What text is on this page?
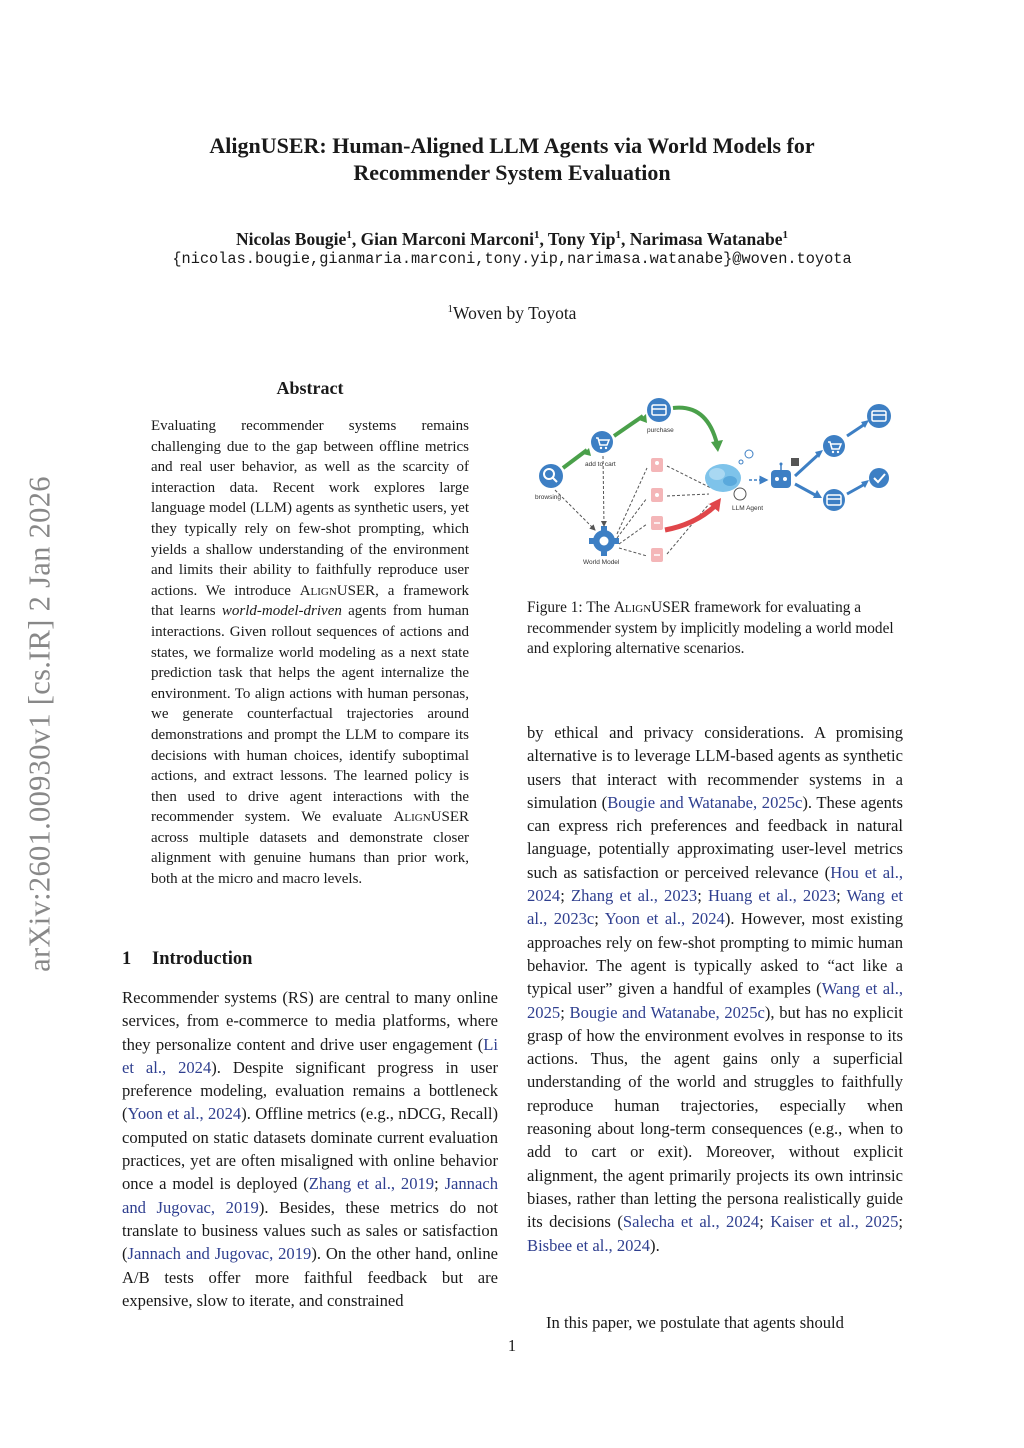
arXiv:2601.00930v1 [cs.IR] 2 Jan 2026
AlignUSER: Human-Aligned LLM Agents via World Models for
Recommender System Evaluation
Nicolas Bougie$^1$, Gian Marconi Marconi$^1$, Tony Yip$^1$, Narimasa Watanabe$^1$
{nicolas.bougie,gianmaria.marconi,tony.yip,narimasa.watanabe}@woven.toyota
$^1$Woven by Toyota
Abstract

Evaluating recommender systems remains challenging due to the gap between offline metrics and real user behavior, as well as the scarcity of interaction data. Recent work explores large language model (LLM) agents as synthetic users, yet they typically rely on few-shot prompting, which yields a shallow understanding of the environment and limits their ability to faithfully reproduce user actions. We introduce AlignUSER, a framework that learns world-model-driven agents from human interactions. Given rollout sequences of actions and states, we formalize world modeling as a next state prediction task that helps the agent internalize the environment. To align actions with human personas, we generate counterfactual trajectories around demonstrations and prompt the LLM to compare its decisions with human choices, identify suboptimal actions, and extract lessons. The learned policy is then used to drive agent interactions with the recommender system. We evaluate AlignUSER across multiple datasets and demonstrate closer alignment with genuine humans than prior work, both at the micro and macro levels.

1 Introduction

Recommender systems (RS) are central to many online services, from e-commerce to media platforms, where they personalize content and drive user engagement (Li et al., 2024). Despite significant progress in user preference modeling, evaluation remains a bottleneck (Yoon et al., 2024). Offline metrics (e.g., nDCG, Recall) computed on static datasets dominate current evaluation practices, yet are often misaligned with online behavior once a model is deployed (Zhang et al., 2019; Jannach and Jugovac, 2019). Besides, these metrics do not translate to business values such as sales or satisfaction (Jannach and Jugovac, 2019). On the other hand, online A/B tests offer more faithful feedback but are expensive, slow to iterate, and constrained

browsing
add to cart
purchase
World Model
LLM Agent

Figure 1: The AlignUSER framework for evaluating a recommender system by implicitly modeling a world model and exploring alternative scenarios.

by ethical and privacy considerations. A promising alternative is to leverage LLM-based agents as synthetic users that interact with recommender systems in a simulation (Bougie and Watanabe, 2025c). These agents can express rich preferences and feedback in natural language, potentially approximating user-level metrics such as satisfaction or perceived relevance (Hou et al., 2024; Zhang et al., 2023; Huang et al., 2023; Wang et al., 2023c; Yoon et al., 2024). However, most existing approaches rely on few-shot prompting to mimic human behavior. The agent is typically asked to “act like a typical user” given a handful of examples (Wang et al., 2025; Bougie and Watanabe, 2025c), but has no explicit grasp of how the environment evolves in response to its actions. Thus, the agent gains only a superficial understanding of the world and struggles to faithfully reproduce human trajectories, especially when reasoning about long-term consequences (e.g., when to add to cart or exit). Moreover, without explicit alignment, the agent primarily projects its own intrinsic biases, rather than letting the persona realistically guide its decisions (Salecha et al., 2024; Kaiser et al., 2025; Bisbee et al., 2024).

In this paper, we postulate that agents should

1
